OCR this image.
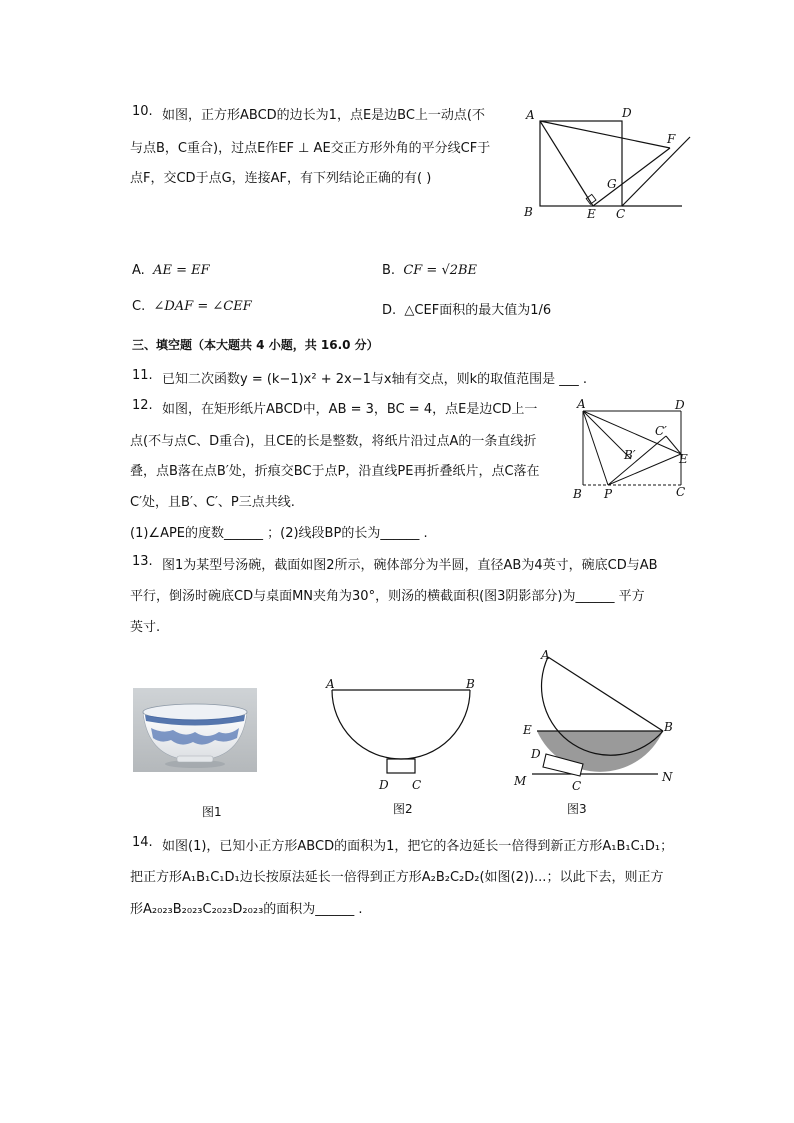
10. 如图，正方形ABCD的边长为1，点E是边BC上一动点(不
与点B，C重合)，过点E作EF ⊥ AE交正方形外角的平分线CF于
点F，交CD于点G，连接AF，有下列结论正确的有( )
A	D
F
G
B	E C
A. AE = EF	B. CF = √2BE
C. ∠DAF = ∠CEF	D. △CEF面积的最大值为1/6
三、填空题（本大题共 4 小题，共 16.0 分）
11. 已知二次函数y = (k−1)x² + 2x−1与x轴有交点，则k的取值范围是 ___ .
12. 如图，在矩形纸片ABCD中，AB = 3，BC = 4，点E是边CD上一
点(不与点C、D重合)，且CE的长是整数，将纸片沿过点A的一条直线折
叠，点B落在点B′处，折痕交BC于点P，沿直线PE再折叠纸片，点C落在
C′处，且B′、C′、P三点共线.
(1)∠APE的度数______ ；(2)线段BP的长为______ .
A	D
C′
B′	E
B P	C
13. 图1为某型号汤碗，截面如图2所示，碗体部分为半圆，直径AB为4英寸，碗底CD与AB
平行，倒汤时碗底CD与桌面MN夹角为30°，则汤的横截面积(图3阴影部分)为______ 平方
英寸.
图1
A	B
D C
图2
A
B
E
D
M	N
C
图3
14. 如图(1)，已知小正方形ABCD的面积为1，把它的各边延长一倍得到新正方形A₁B₁C₁D₁；
把正方形A₁B₁C₁D₁边长按原法延长一倍得到正方形A₂B₂C₂D₂(如图(2))...；以此下去，则正方
形A₂₀₂₃B₂₀₂₃C₂₀₂₃D₂₀₂₃的面积为______ .
